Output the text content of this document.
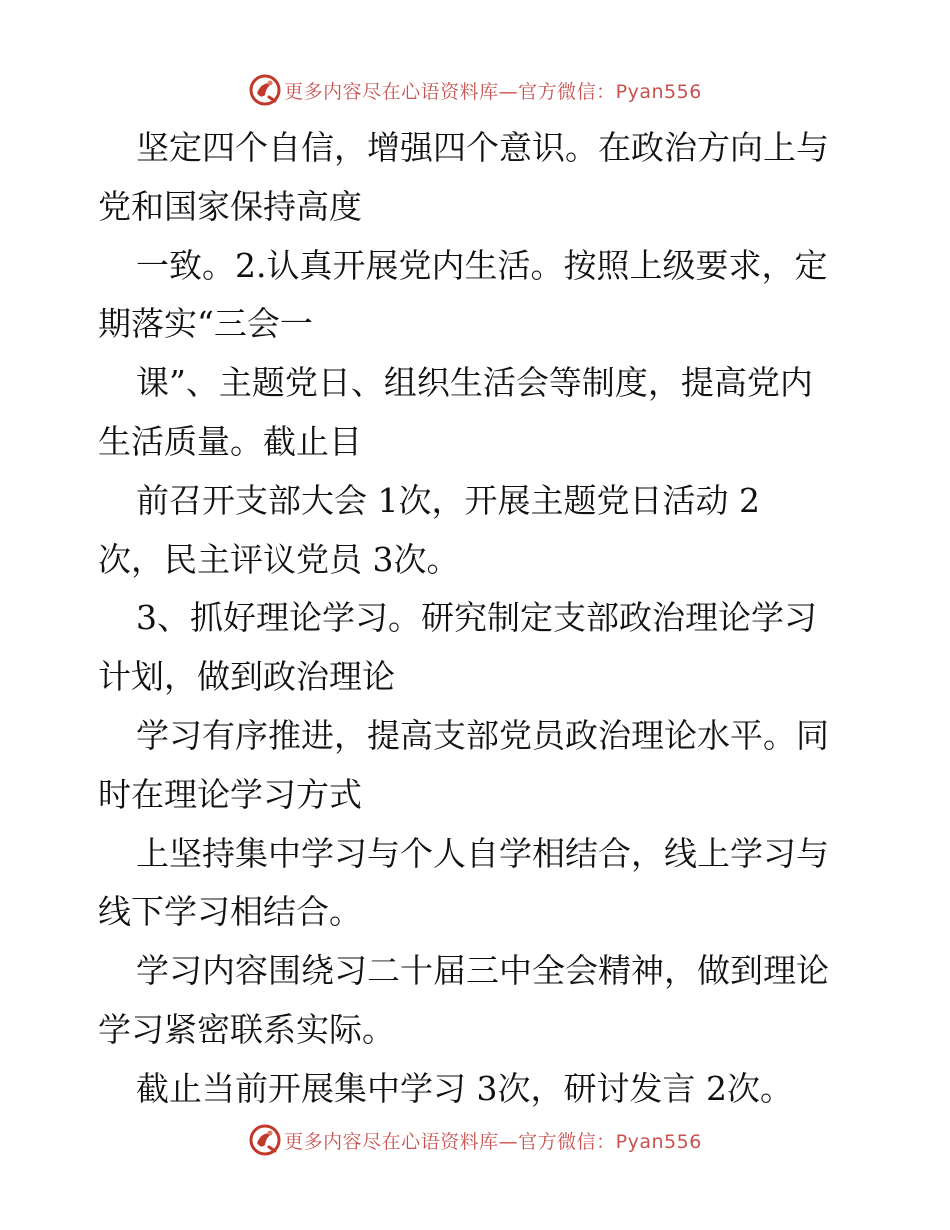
更多内容尽在心语资料库—官方微信：Pyan556
坚定四个自信，增强四个意识。在政治方向上与
党和国家保持高度
一致。2.认真开展党内生活。按照上级要求，定
期落实“三会一
课”、主题党日、组织生活会等制度，提高党内
生活质量。截止目
前召开支部大会 1次，开展主题党日活动 2
次，民主评议党员 3次。
3、抓好理论学习。研究制定支部政治理论学习
计划，做到政治理论
学习有序推进，提高支部党员政治理论水平。同
时在理论学习方式
上坚持集中学习与个人自学相结合，线上学习与
线下学习相结合。
学习内容围绕习二十届三中全会精神，做到理论
学习紧密联系实际。
截止当前开展集中学习 3次，研讨发言 2次。
更多内容尽在心语资料库—官方微信：Pyan556
